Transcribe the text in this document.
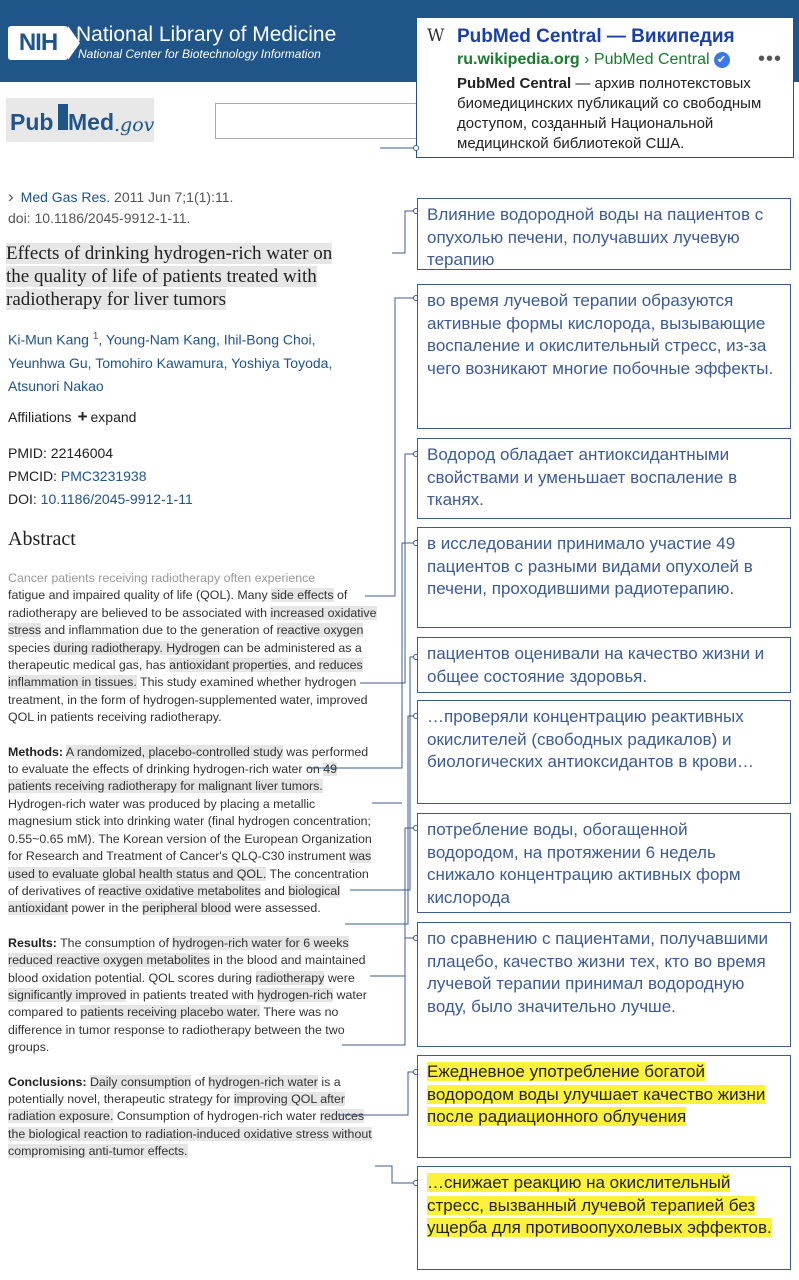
NIH National Library of Medicine
National Center for Biotechnology Information
Pub Med .gov
W PubMed Central — Википедия
ru.wikipedia.org › PubMed Central ✔ •••
PubMed Central — архив полнотекстовых биомедицинских публикаций со свободным доступом, созданный Национальной медицинской библиотекой США.
› Med Gas Res. 2011 Jun 7;1(1):11.
doi: 10.1186/2045-9912-1-11.
Effects of drinking hydrogen-rich water on
the quality of life of patients treated with
radiotherapy for liver tumors
Ki-Mun Kang $^1$, Young-Nam Kang, Ihil-Bong Choi,
Yeunhwa Gu, Tomohiro Kawamura, Yoshiya Toyoda,
Atsunori Nakao
Affiliations + expand
PMID: 22146004
PMCID: PMC3231938
DOI: 10.1186/2045-9912-1-11
Abstract

Cancer patients receiving radiotherapy often experience
fatigue and impaired quality of life (QOL). Many side effects of radiotherapy are believed to be associated with increased oxidative stress and inflammation due to the generation of reactive oxygen species during radiotherapy. Hydrogen can be administered as a therapeutic medical gas, has antioxidant properties, and reduces inflammation in tissues. This study examined whether hydrogen treatment, in the form of hydrogen-supplemented water, improved QOL in patients receiving radiotherapy.

Methods: A randomized, placebo-controlled study was performed to evaluate the effects of drinking hydrogen-rich water on 49 patients receiving radiotherapy for malignant liver tumors. Hydrogen-rich water was produced by placing a metallic magnesium stick into drinking water (final hydrogen concentration; 0.55~0.65 mM). The Korean version of the European Organization for Research and Treatment of Cancer's QLQ-C30 instrument was used to evaluate global health status and QOL. The concentration of derivatives of reactive oxidative metabolites and biological antioxidant power in the peripheral blood were assessed.

Results: The consumption of hydrogen-rich water for 6 weeks reduced reactive oxygen metabolites in the blood and maintained blood oxidation potential. QOL scores during radiotherapy were significantly improved in patients treated with hydrogen-rich water compared to patients receiving placebo water. There was no difference in tumor response to radiotherapy between the two groups.

Conclusions: Daily consumption of hydrogen-rich water is a potentially novel, therapeutic strategy for improving QOL after radiation exposure. Consumption of hydrogen-rich water reduces the biological reaction to radiation-induced oxidative stress without compromising anti-tumor effects.

Влияние водородной воды на пациентов с опухолью печени, получавших лучевую терапию
во время лучевой терапии образуются активные формы кислорода, вызывающие воспаление и окислительный стресс, из-за чего возникают многие побочные эффекты.
Водород обладает антиоксидантными свойствами и уменьшает воспаление в тканях.
в исследовании принимало участие 49 пациентов с разными видами опухолей в печени, проходившими радиотерапию.
пациентов оценивали на качество жизни и общее состояние здоровья.
…проверяли концентрацию реактивных окислителей (свободных радикалов) и биологических антиоксидантов в крови…
потребление воды, обогащенной водородом, на протяжении 6 недель снижало концентрацию активных форм кислорода
по сравнению с пациентами, получавшими плацебо, качество жизни тех, кто во время лучевой терапии принимал водородную воду, было значительно лучше.
Ежедневное употребление богатой водородом воды улучшает качество жизни после радиационного облучения
…снижает реакцию на окислительный стресс, вызванный лучевой терапией без ущерба для противоопухолевых эффектов.
